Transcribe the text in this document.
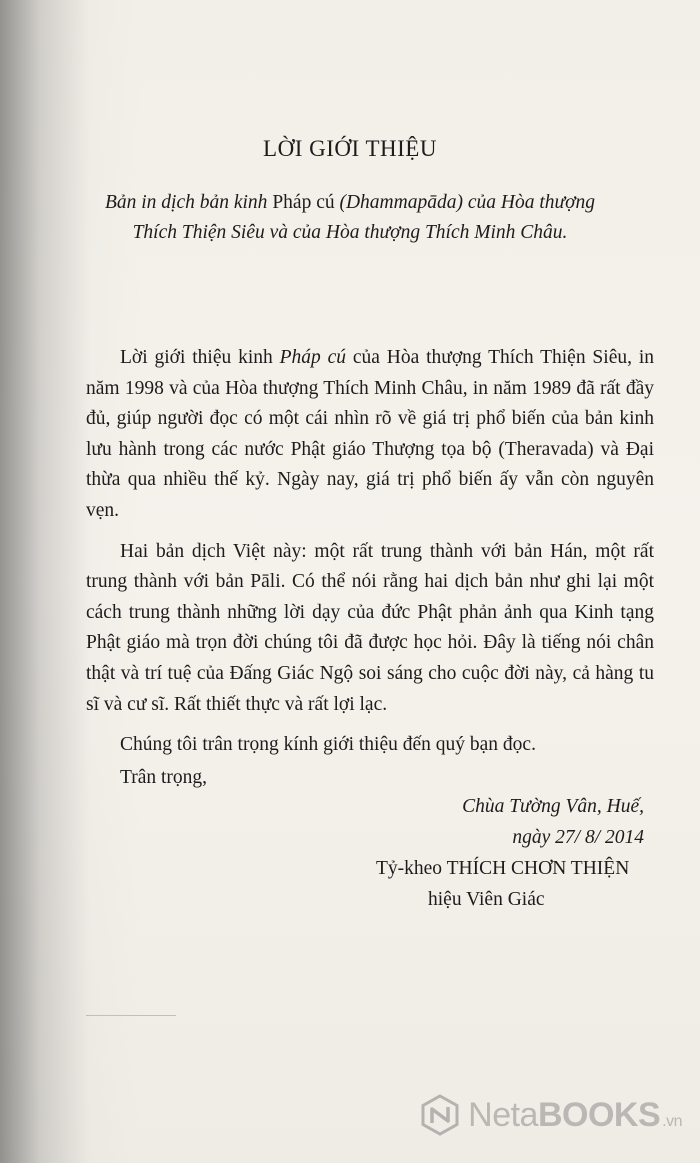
LỜI GIỚI THIỆU
Bản in dịch bản kinh Pháp cú (Dhammapāda) của Hòa thượng
Thích Thiện Siêu và của Hòa thượng Thích Minh Châu.

Lời giới thiệu kinh Pháp cú của Hòa thượng Thích Thiện Siêu, in năm 1998 và của Hòa thượng Thích Minh Châu, in năm 1989 đã rất đầy đủ, giúp người đọc có một cái nhìn rõ về giá trị phổ biến của bản kinh lưu hành trong các nước Phật giáo Thượng tọa bộ (Theravada) và Đại thừa qua nhiều thế kỷ. Ngày nay, giá trị phổ biến ấy vẫn còn nguyên vẹn.

Hai bản dịch Việt này: một rất trung thành với bản Hán, một rất trung thành với bản Pāli. Có thể nói rằng hai dịch bản như ghi lại một cách trung thành những lời dạy của đức Phật phản ảnh qua Kinh tạng Phật giáo mà trọn đời chúng tôi đã được học hỏi. Đây là tiếng nói chân thật và trí tuệ của Đấng Giác Ngộ soi sáng cho cuộc đời này, cả hàng tu sĩ và cư sĩ. Rất thiết thực và rất lợi lạc.

Chúng tôi trân trọng kính giới thiệu đến quý bạn đọc.

Trân trọng,

Chùa Tường Vân, Huế,
ngày 27/ 8/ 2014
Tỷ-kheo THÍCH CHƠN THIỆN
hiệu Viên Giác
Neta BOOKS .vn
